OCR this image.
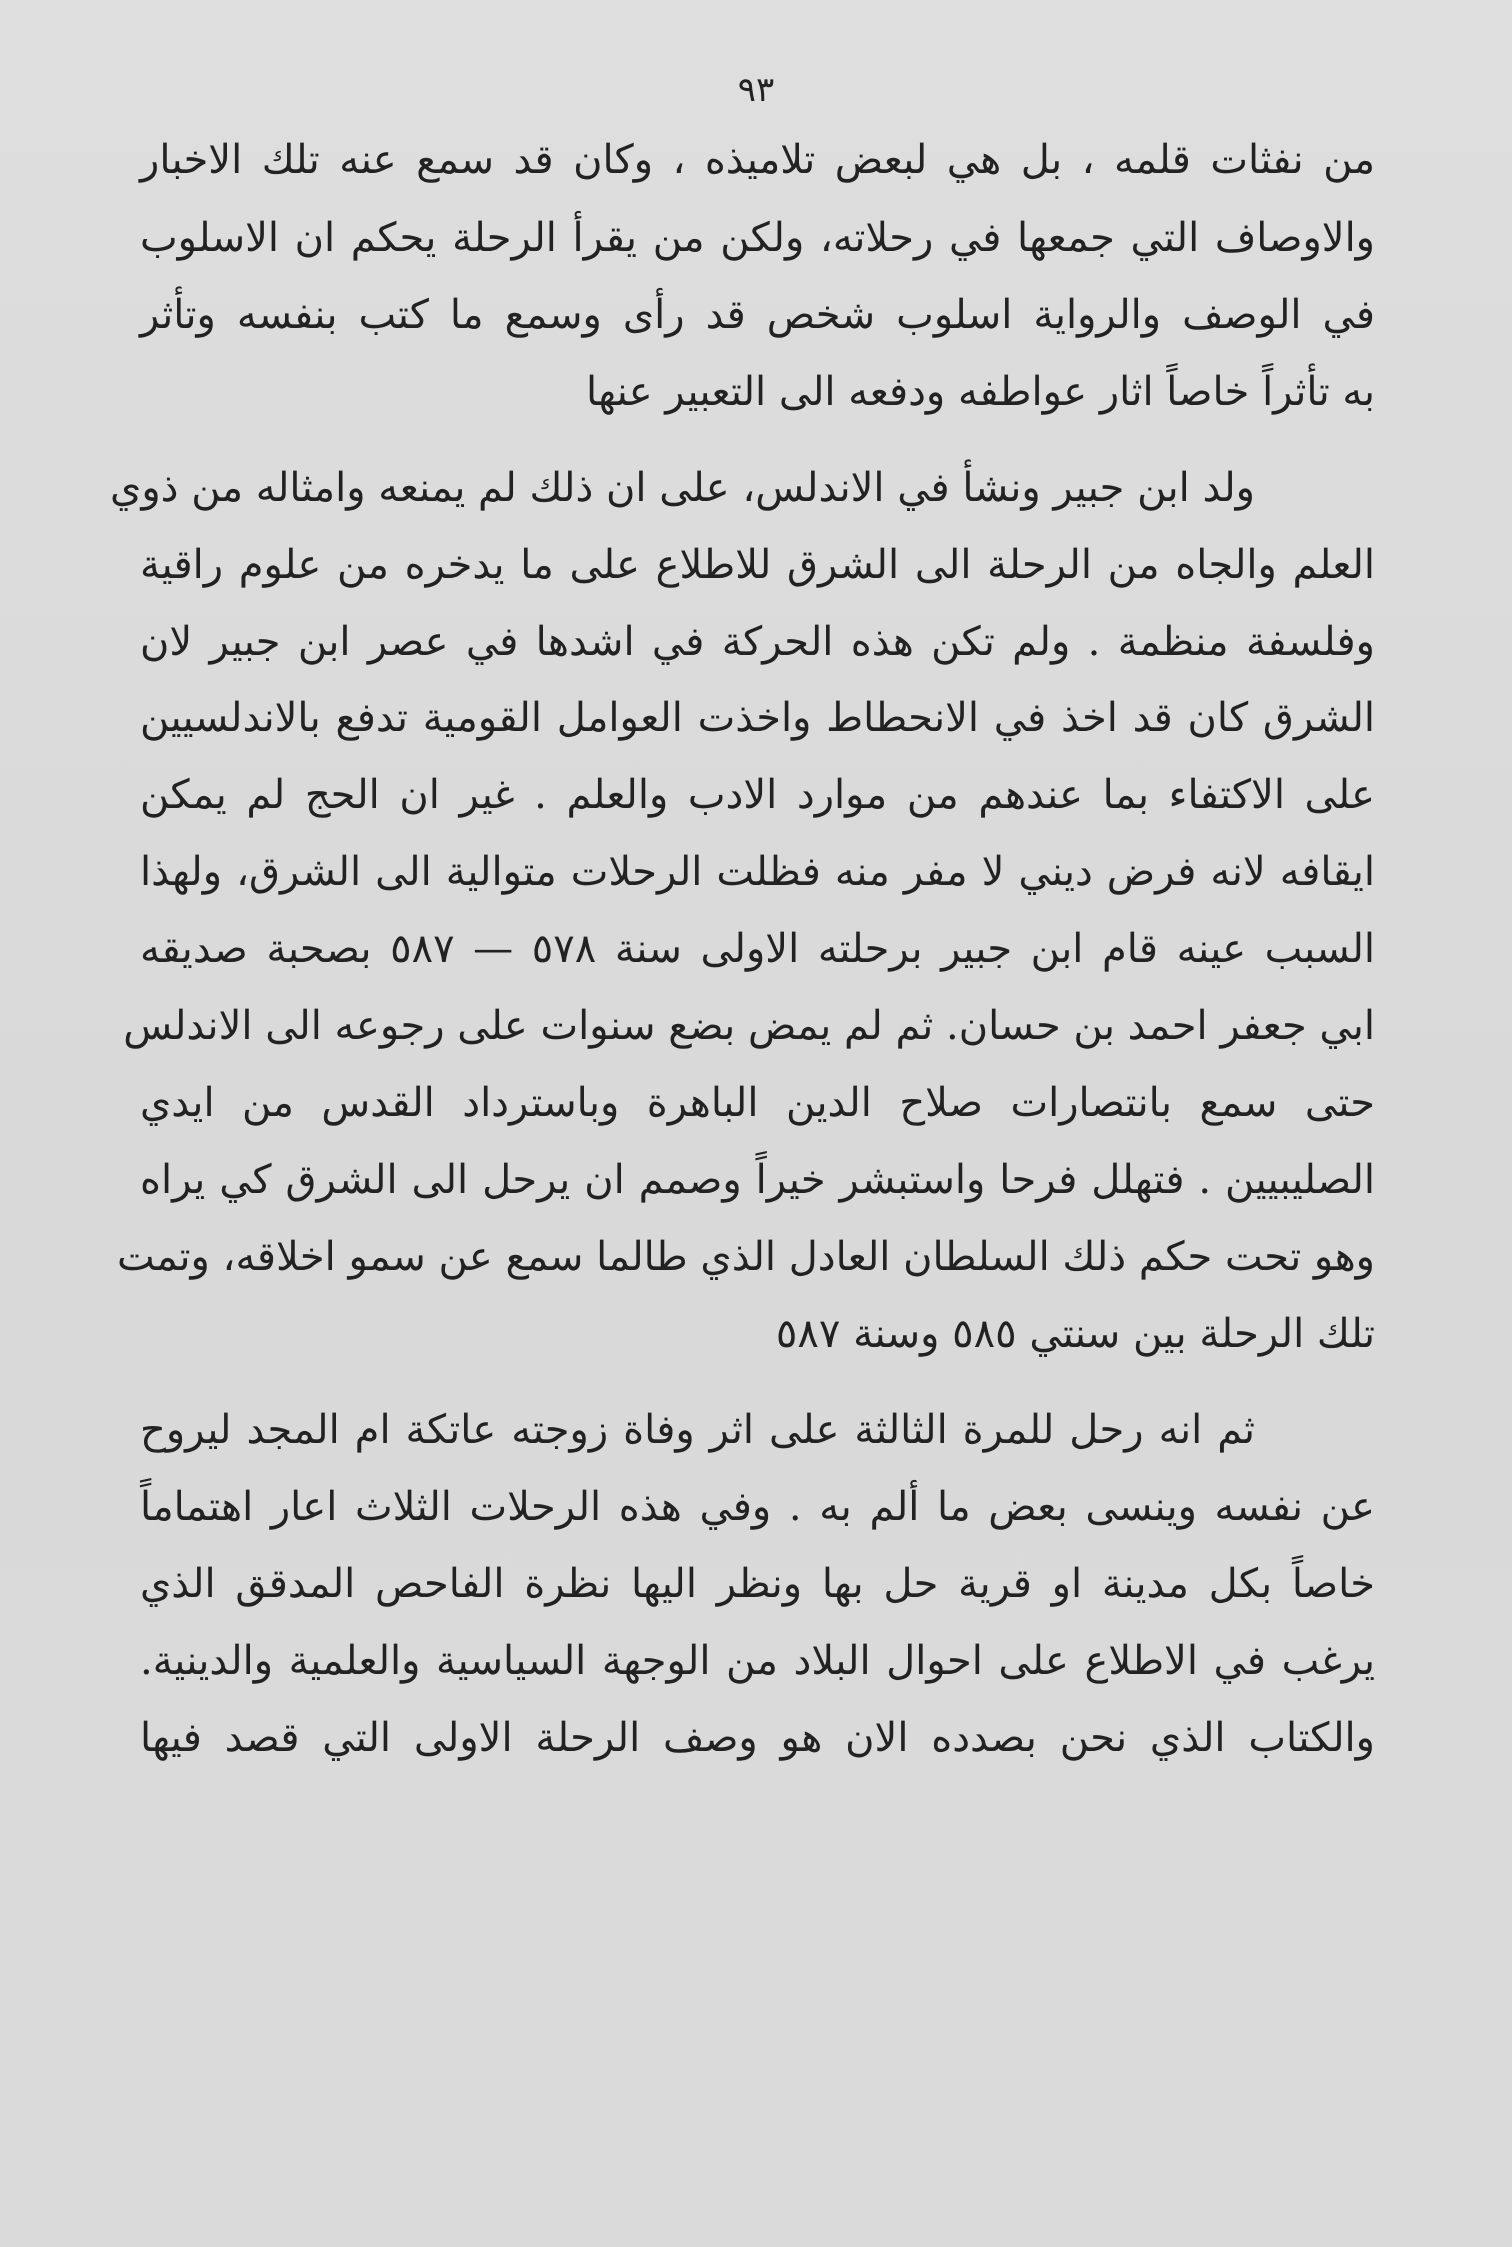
٩٣
من نفثات قلمه ، بل هي لبعض تلاميذه ، وكان قد سمع عنه تلك الاخبار
والاوصاف التي جمعها في رحلاته، ولكن من يقرأ الرحلة يحكم ان الاسلوب
في الوصف والرواية اسلوب شخص قد رأى وسمع ما كتب بنفسه وتأثر
به تأثراً خاصاً اثار عواطفه ودفعه الى التعبير عنها
ولد ابن جبير ونشأ في الاندلس، على ان ذلك لم يمنعه وامثاله من ذوي
العلم والجاه من الرحلة الى الشرق للاطلاع على ما يدخره من علوم راقية
وفلسفة منظمة . ولم تكن هذه الحركة في اشدها في عصر ابن جبير لان
الشرق كان قد اخذ في الانحطاط واخذت العوامل القومية تدفع بالاندلسيين
على الاكتفاء بما عندهم من موارد الادب والعلم . غير ان الحج لم يمكن
ايقافه لانه فرض ديني لا مفر منه فظلت الرحلات متوالية الى الشرق، ولهذا
السبب عينه قام ابن جبير برحلته الاولى سنة ٥٧٨ — ٥٨٧ بصحبة صديقه
ابي جعفر احمد بن حسان. ثم لم يمض بضع سنوات على رجوعه الى الاندلس
حتى سمع بانتصارات صلاح الدين الباهرة وباسترداد القدس من ايدي
الصليبيين . فتهلل فرحا واستبشر خيراً وصمم ان يرحل الى الشرق كي يراه
وهو تحت حكم ذلك السلطان العادل الذي طالما سمع عن سمو اخلاقه، وتمت
تلك الرحلة بين سنتي ٥٨٥ وسنة ٥٨٧
ثم انه رحل للمرة الثالثة على اثر وفاة زوجته عاتكة ام المجد ليروح
عن نفسه وينسى بعض ما ألم به . وفي هذه الرحلات الثلاث اعار اهتماماً
خاصاً بكل مدينة او قرية حل بها ونظر اليها نظرة الفاحص المدقق الذي
يرغب في الاطلاع على احوال البلاد من الوجهة السياسية والعلمية والدينية.
والكتاب الذي نحن بصدده الان هو وصف الرحلة الاولى التي قصد فيها
